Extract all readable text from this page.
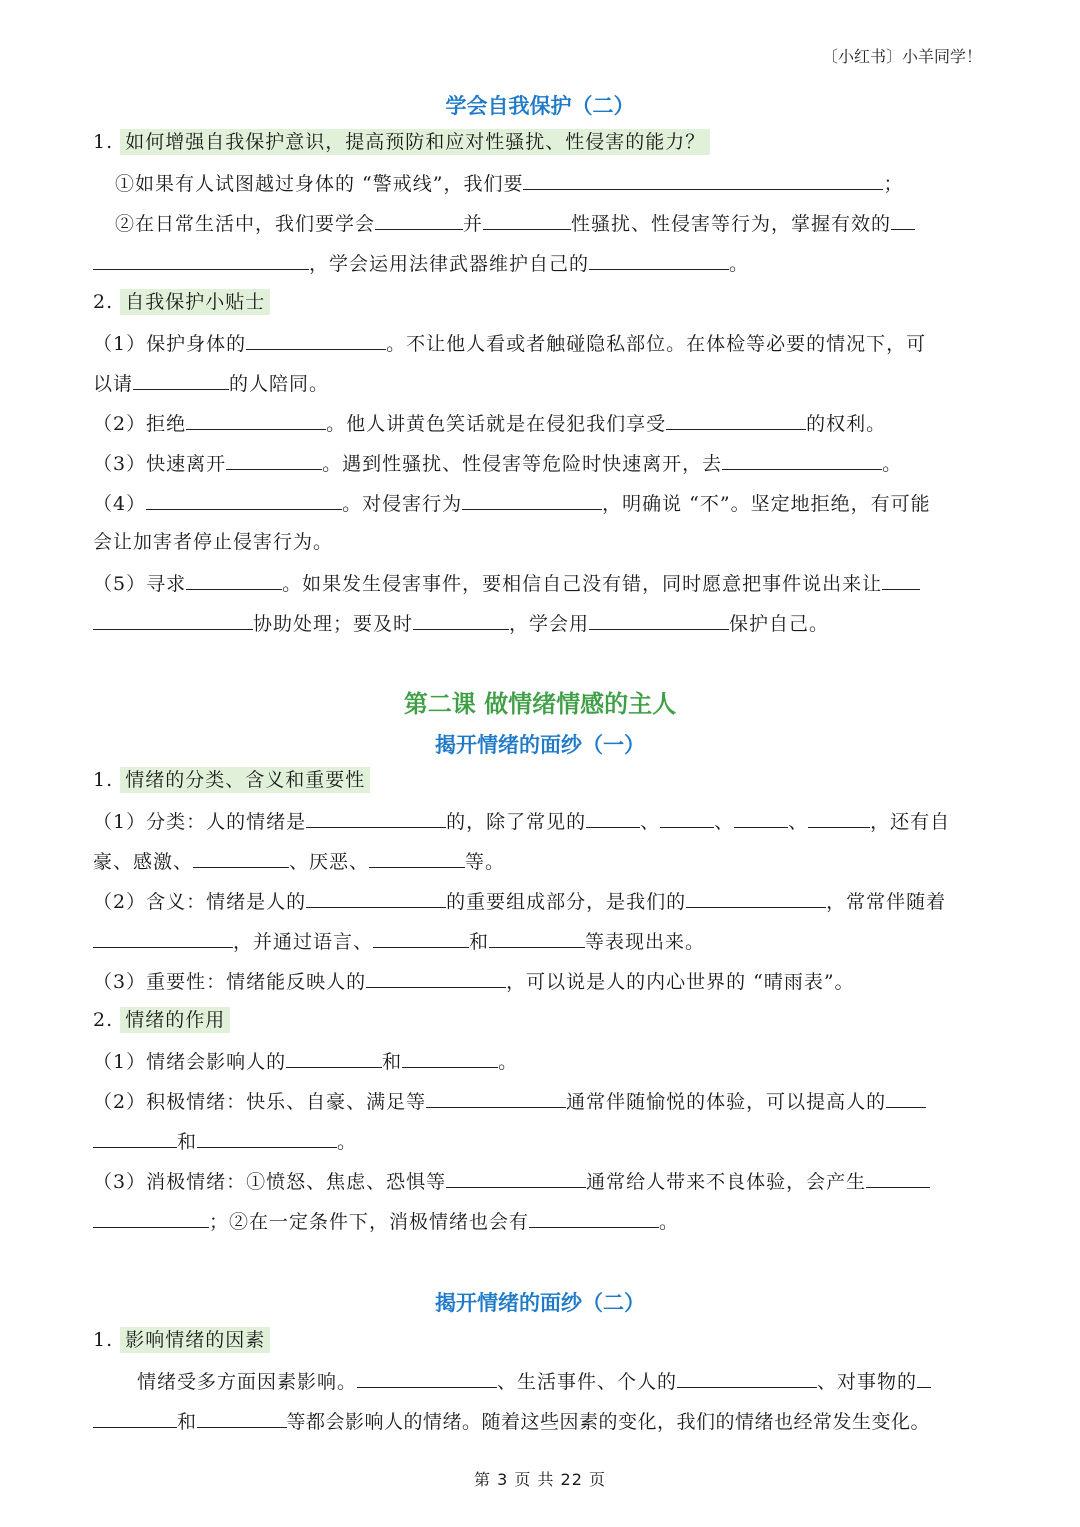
〔小红书〕小羊同学！
学会自我保护（二）
1. 如何增强自我保护意识，提高预防和应对性骚扰、性侵害的能力？
①如果有人试图越过身体的 “警戒线”，我们要	；
②在日常生活中，我们要学会	并	性骚扰、性侵害等行为，掌握有效的
，学会运用法律武器维护自己的	。
2. 自我保护小贴士
（1）保护身体的	。不让他人看或者触碰隐私部位。在体检等必要的情况下，可
以请	的人陪同。
（2）拒绝	。他人讲黄色笑话就是在侵犯我们享受	的权利。
（3）快速离开	。遇到性骚扰、性侵害等危险时快速离开，去	。
（4）	。对侵害行为	，明确说 “不”。坚定地拒绝，有可能
会让加害者停止侵害行为。
（5）寻求	。如果发生侵害事件，要相信自己没有错，同时愿意把事件说出来让
协助处理；要及时	，学会用	保护自己。
第二课 做情绪情感的主人
揭开情绪的面纱（一）
1. 情绪的分类、含义和重要性
（1）分类：人的情绪是	的，除了常见的	、	、	、	，还有自
豪、感激、	、厌恶、	等。
（2）含义：情绪是人的	的重要组成部分，是我们的	，常常伴随着
，并通过语言、	和	等表现出来。
（3）重要性：情绪能反映人的	，可以说是人的内心世界的 “晴雨表”。
2. 情绪的作用
（1）情绪会影响人的	和	。
（2）积极情绪：快乐、自豪、满足等	通常伴随愉悦的体验，可以提高人的
和	。
（3）消极情绪：①愤怒、焦虑、恐惧等	通常给人带来不良体验，会产生
；②在一定条件下，消极情绪也会有	。
揭开情绪的面纱（二）
1. 影响情绪的因素
情绪受多方面因素影响。	、生活事件、个人的	、对事物的
和	等都会影响人的情绪。随着这些因素的变化，我们的情绪也经常发生变化。
第 3 页 共 22 页
